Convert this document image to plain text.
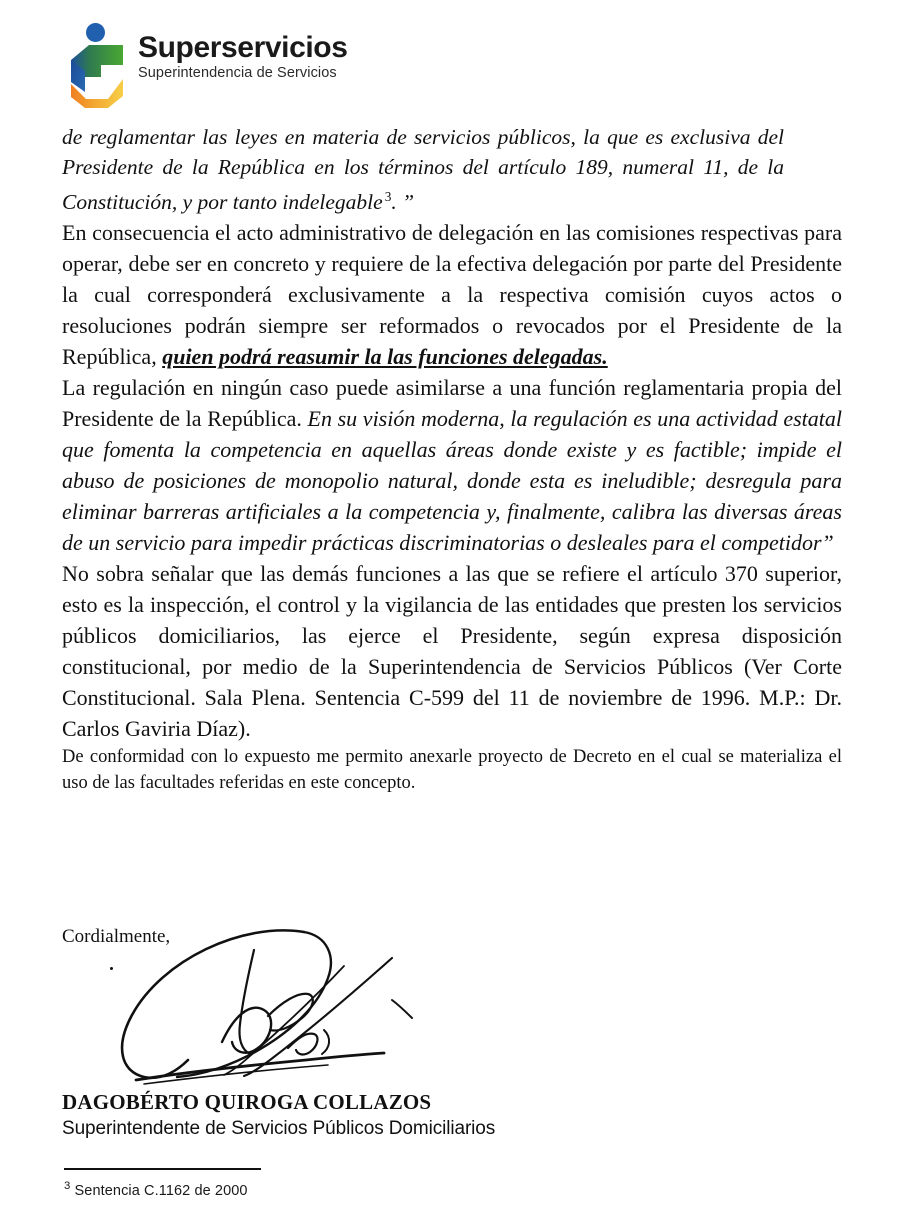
Superservicios
Superintendencia de Servicios

de reglamentar las leyes en materia de servicios públicos, la que es exclusiva del Presidente de la República en los términos del artículo 189, numeral 11, de la Constitución, y por tanto indelegable $^3$. ”

En consecuencia el acto administrativo de delegación en las comisiones respectivas para operar, debe ser en concreto y requiere de la efectiva delegación por parte del Presidente la cual corresponderá exclusivamente a la respectiva comisión cuyos actos o resoluciones podrán siempre ser reformados o revocados por el Presidente de la República, quien podrá reasumir la las funciones delegadas.

La regulación en ningún caso puede asimilarse a una función reglamentaria propia del Presidente de la República. En su visión moderna, la regulación es una actividad estatal que fomenta la competencia en aquellas áreas donde existe y es factible; impide el abuso de posiciones de monopolio natural, donde esta es ineludible; desregula para eliminar barreras artificiales a la competencia y, finalmente, calibra las diversas áreas de un servicio para impedir prácticas discriminatorias o desleales para el competidor”

No sobra señalar que las demás funciones a las que se refiere el artículo 370 superior, esto es la inspección, el control y la vigilancia de las entidades que presten los servicios públicos domiciliarios, las ejerce el Presidente, según expresa disposición constitucional, por medio de la Superintendencia de Servicios Públicos (Ver Corte Constitucional. Sala Plena. Sentencia C-599 del 11 de noviembre de 1996. M.P.: Dr. Carlos Gaviria Díaz).

De conformidad con lo expuesto me permito anexarle proyecto de Decreto en el cual se materializa el uso de las facultades referidas en este concepto.

Cordialmente,
DAGOBÉRTO QUIROGA COLLAZOS
Superintendente de Servicios Públicos Domiciliarios
$^3$ Sentencia C.1162 de 2000
